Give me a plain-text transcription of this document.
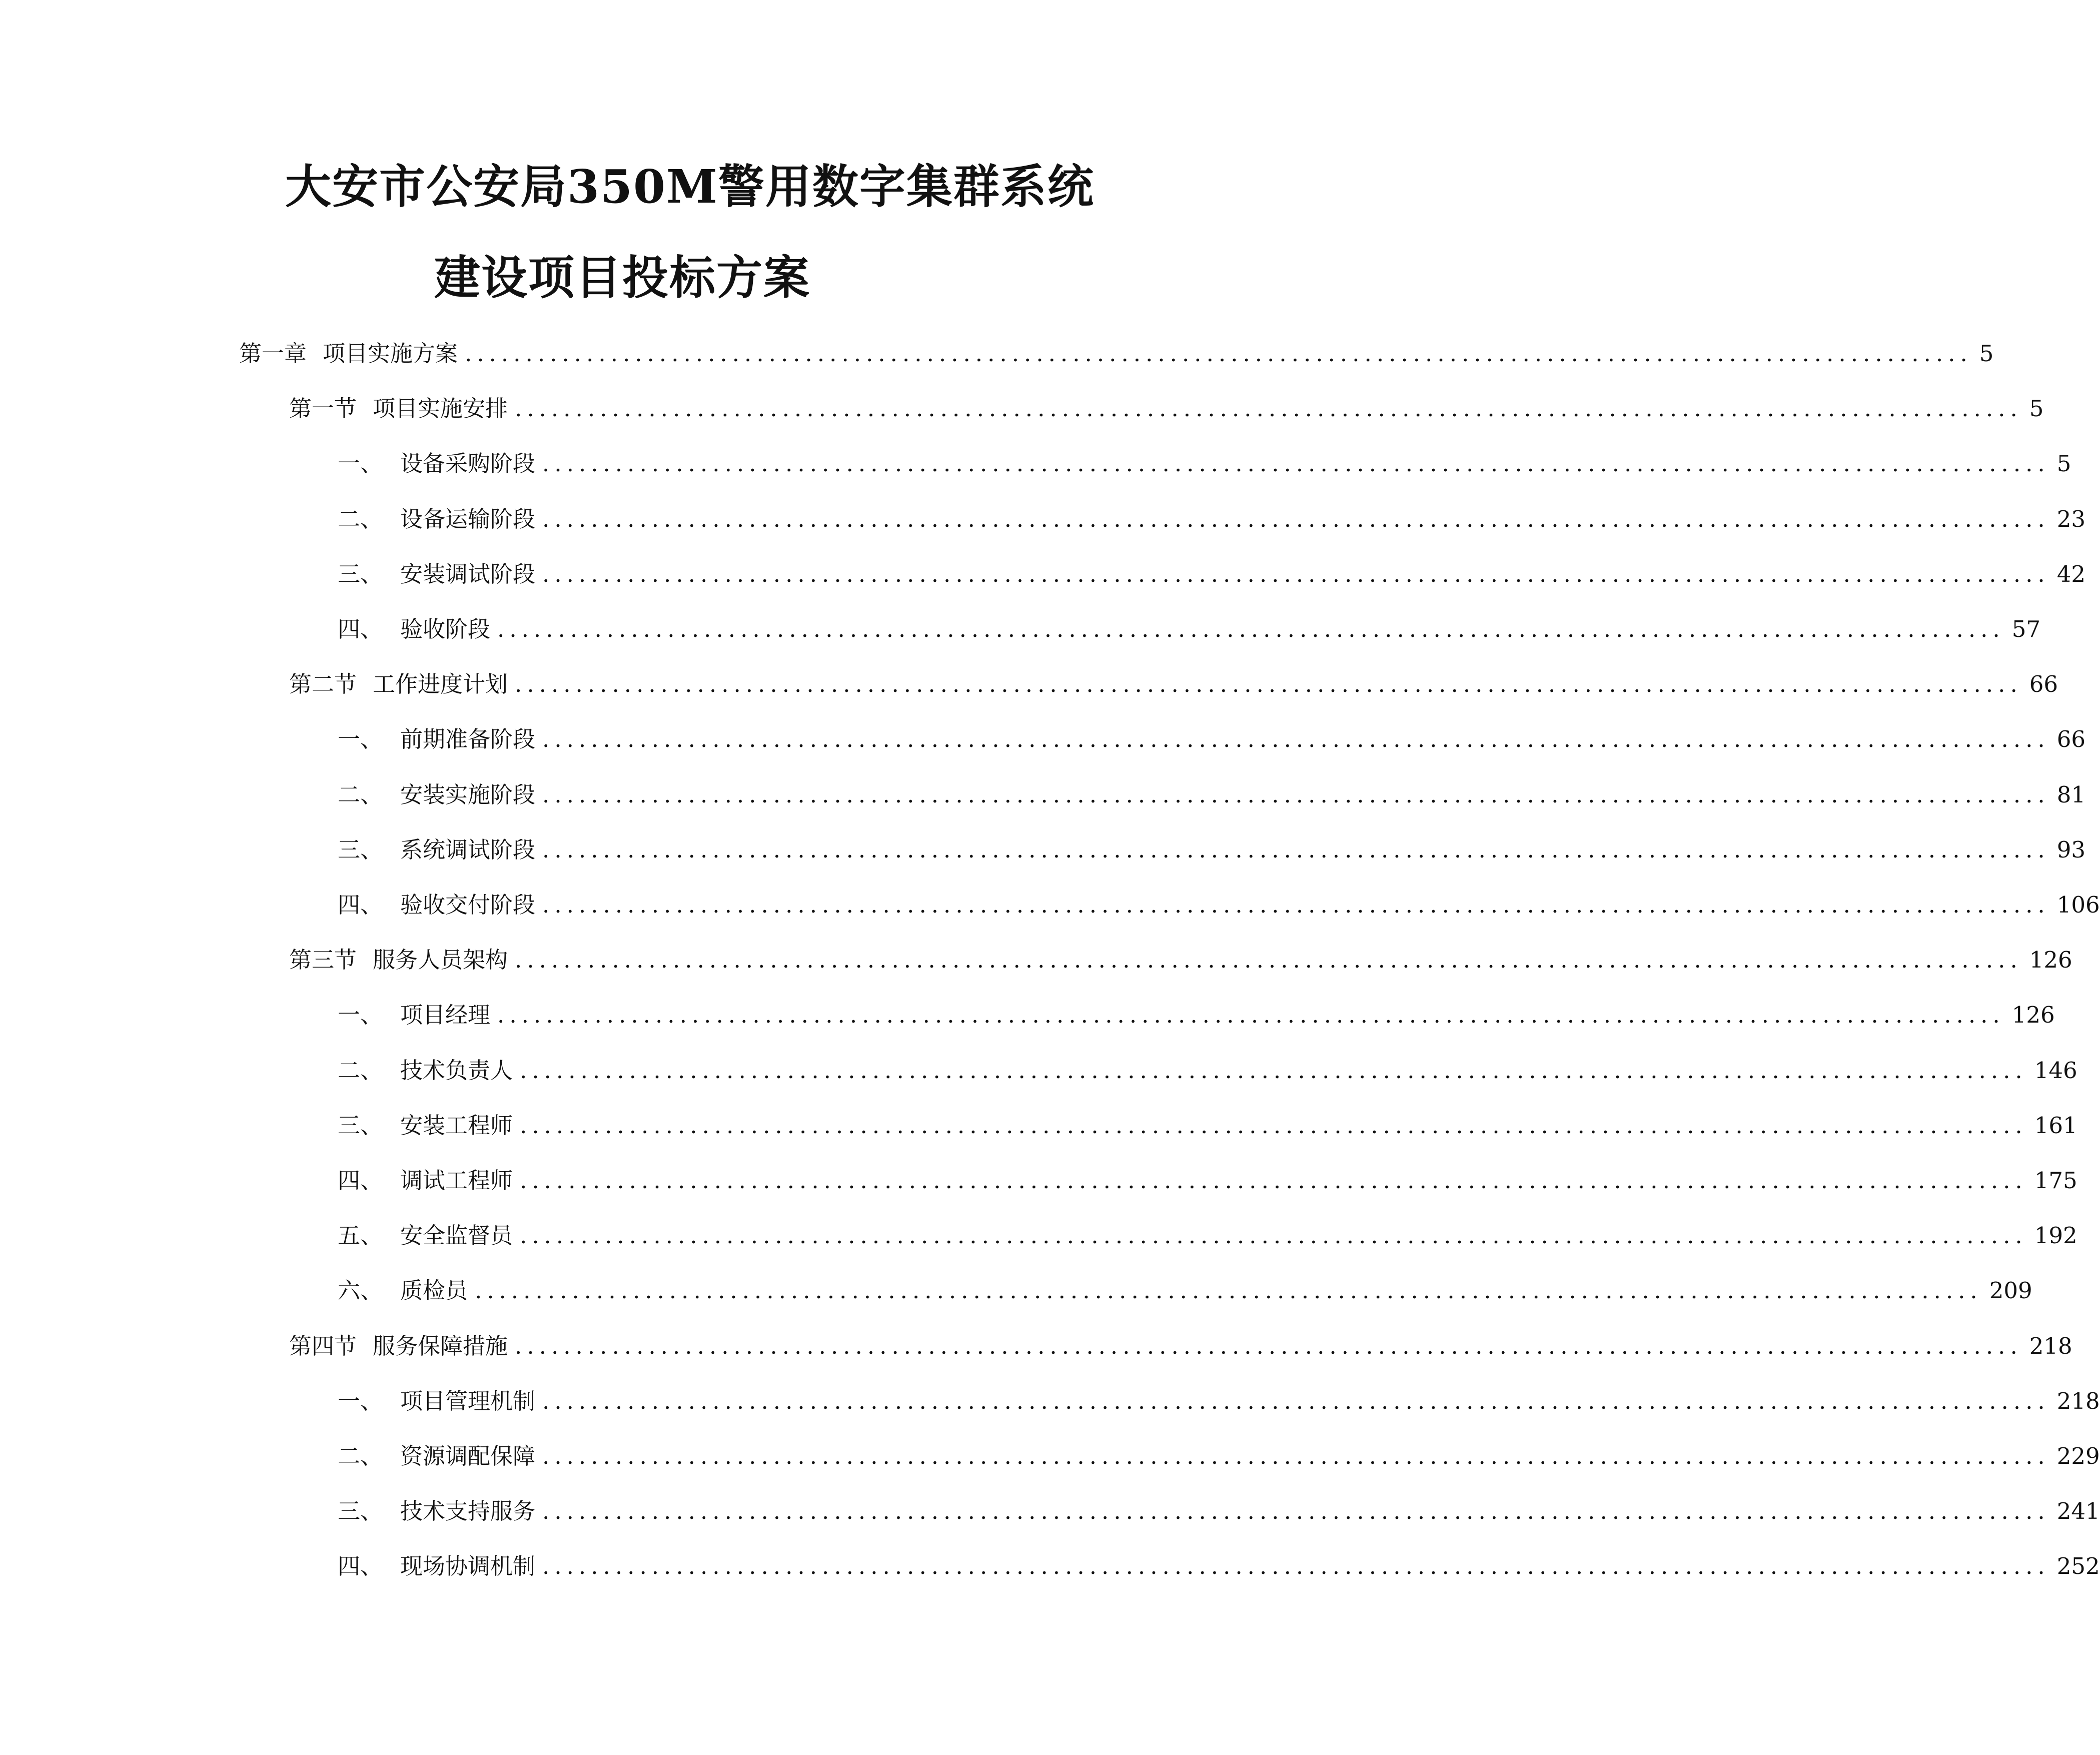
大安市公安局350M警用数字集群系统
建设项目投标方案
第一章 项目实施方案 ............................................................................................................................ 5
第一节 项目实施安排 ............................................................................................................................ 5
一、 设备采购阶段 ............................................................................................................................ 5
二、 设备运输阶段 ............................................................................................................................ 23
三、 安装调试阶段 ............................................................................................................................ 42
四、 验收阶段 ............................................................................................................................ 57
第二节 工作进度计划 ............................................................................................................................ 66
一、 前期准备阶段 ............................................................................................................................ 66
二、 安装实施阶段 ............................................................................................................................ 81
三、 系统调试阶段 ............................................................................................................................ 93
四、 验收交付阶段 ............................................................................................................................ 106
第三节 服务人员架构 ............................................................................................................................ 126
一、 项目经理 ............................................................................................................................ 126
二、 技术负责人 ............................................................................................................................ 146
三、 安装工程师 ............................................................................................................................ 161
四、 调试工程师 ............................................................................................................................ 175
五、 安全监督员 ............................................................................................................................ 192
六、 质检员 ............................................................................................................................ 209
第四节 服务保障措施 ............................................................................................................................ 218
一、 项目管理机制 ............................................................................................................................ 218
二、 资源调配保障 ............................................................................................................................ 229
三、 技术支持服务 ............................................................................................................................ 241
四、 现场协调机制 ............................................................................................................................ 252
